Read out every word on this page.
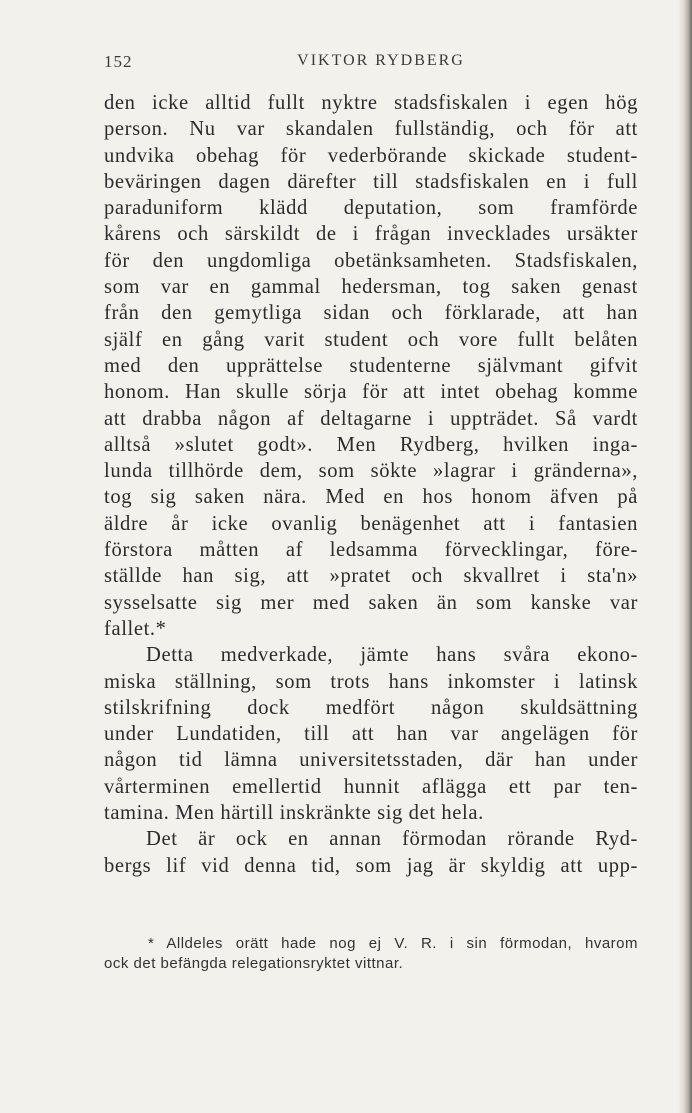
152	VIKTOR RYDBERG
den icke alltid fullt nyktre stadsfiskalen i egen hög
person. Nu var skandalen fullständig, och för att
undvika obehag för vederbörande skickade student-
beväringen dagen därefter till stadsfiskalen en i full
paraduniform klädd deputation, som framförde
kårens och särskildt de i frågan invecklades ursäkter
för den ungdomliga obetänksamheten. Stadsfiskalen,
som var en gammal hedersman, tog saken genast
från den gemytliga sidan och förklarade, att han
själf en gång varit student och vore fullt belåten
med den upprättelse studenterne självmant gifvit
honom. Han skulle sörja för att intet obehag komme
att drabba någon af deltagarne i uppträdet. Så vardt
alltså »slutet godt». Men Rydberg, hvilken inga-
lunda tillhörde dem, som sökte »lagrar i gränderna»,
tog sig saken nära. Med en hos honom äfven på
äldre år icke ovanlig benägenhet att i fantasien
förstora måtten af ledsamma förvecklingar, före-
ställde han sig, att »pratet och skvallret i sta'n»
sysselsatte sig mer med saken än som kanske var
fallet.*
Detta medverkade, jämte hans svåra ekono-
miska ställning, som trots hans inkomster i latinsk
stilskrifning dock medfört någon skuldsättning
under Lundatiden, till att han var angelägen för
någon tid lämna universitetsstaden, där han under
vårterminen emellertid hunnit aflägga ett par ten-
tamina. Men härtill inskränkte sig det hela.
Det är ock en annan förmodan rörande Ryd-
bergs lif vid denna tid, som jag är skyldig att upp-
* Alldeles orätt hade nog ej V. R. i sin förmodan, hvarom
ock det befängda relegationsryktet vittnar.
